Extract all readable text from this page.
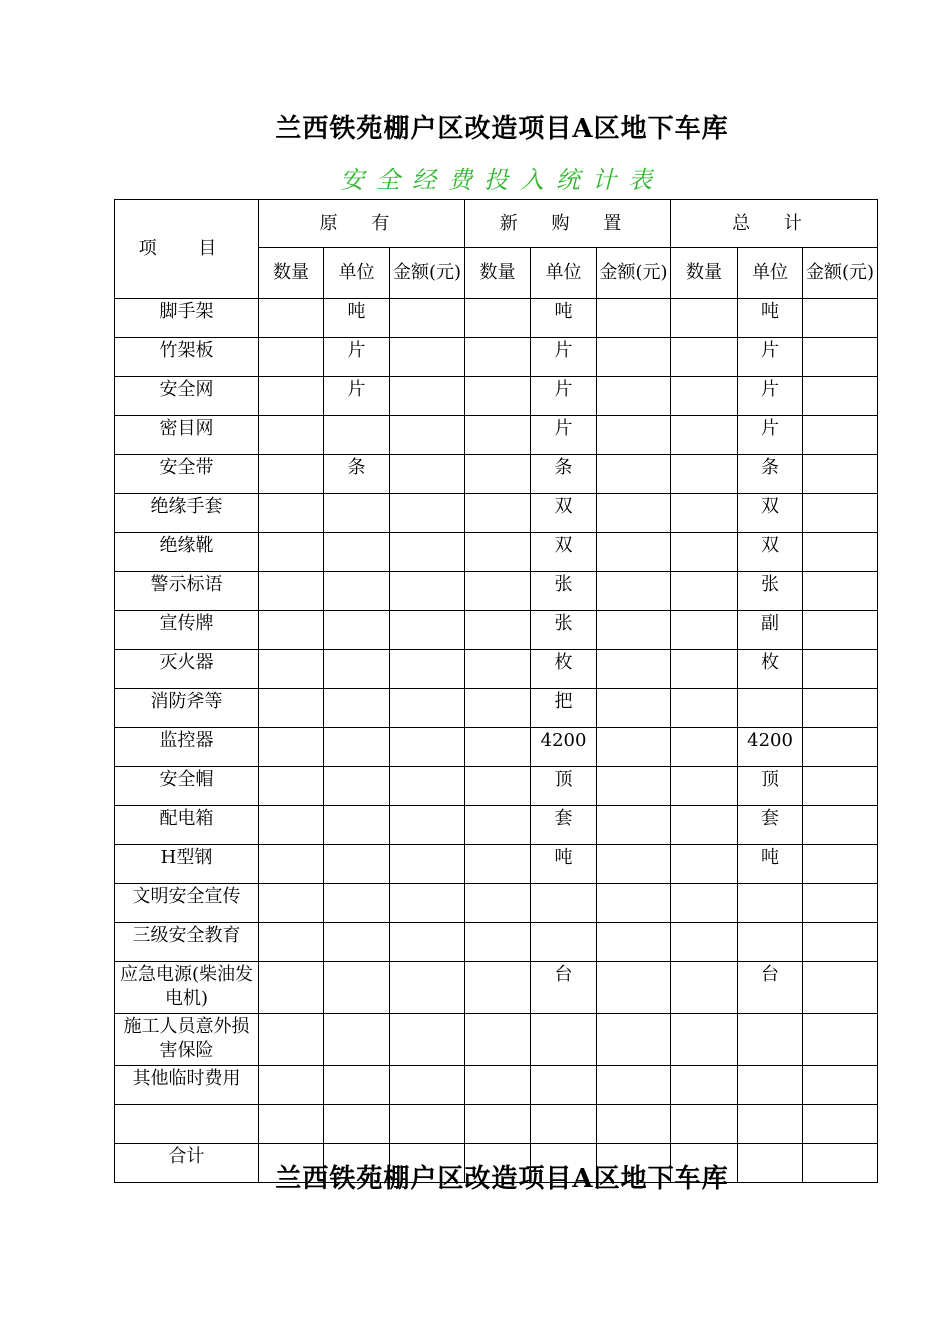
兰西铁苑棚户区改造项目A区地下车库
安全经费投入统计表
项 目	原 有			新 购 置			总 计		
	数量	单位	金额(元)	数量	单位	金额(元)	数量	单位	金额(元)
脚手架		吨			吨			吨	
竹架板		片			片			片	
安全网		片			片			片	
密目网					片			片	
安全带		条			条			条	
绝缘手套					双			双	
绝缘靴					双			双	
警示标语					张			张	
宣传牌					张			副	
灭火器					枚			枚	
消防斧等					把				
监控器					4200			4200	
安全帽					顶			顶	
配电箱					套			套	
H型钢					吨			吨	
文明安全宣传									
三级安全教育									
应急电源(柴油发电机)					台			台	
施工人员意外损害保险									
其他临时费用									

合计									
兰西铁苑棚户区改造项目A区地下车库
